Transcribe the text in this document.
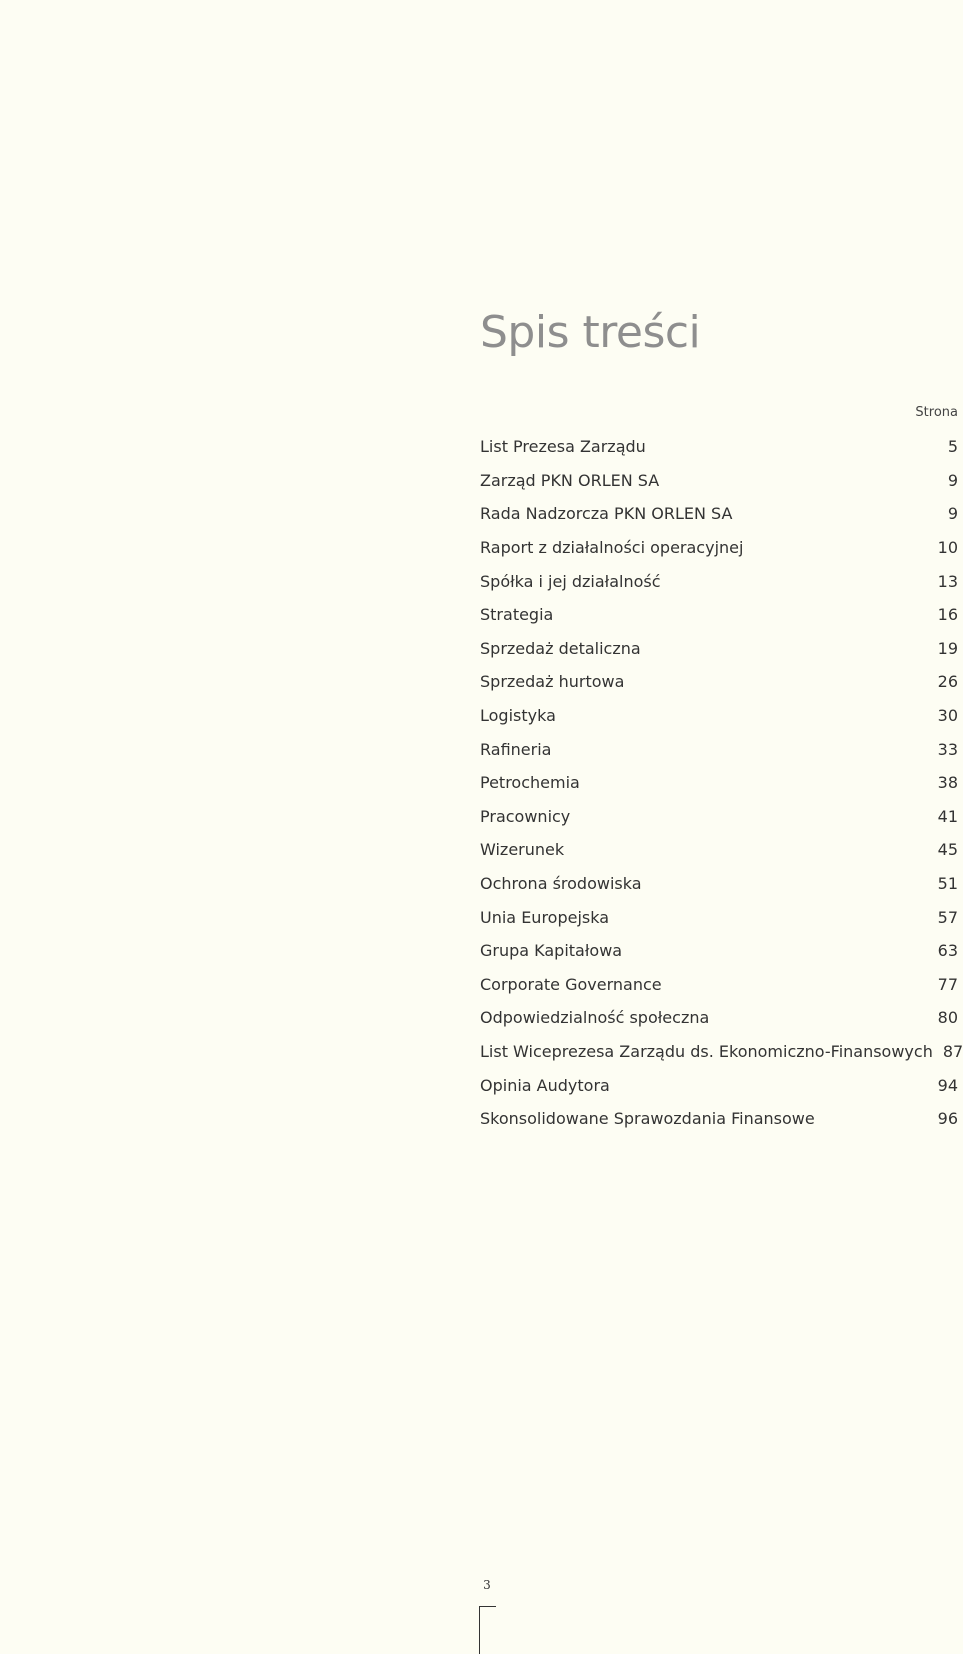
Spis treści
Strona
List Prezesa Zarządu	5
Zarząd PKN ORLEN SA	9
Rada Nadzorcza PKN ORLEN SA	9
Raport z działalności operacyjnej	10
Spółka i jej działalność	13
Strategia	16
Sprzedaż detaliczna	19
Sprzedaż hurtowa	26
Logistyka	30
Rafineria	33
Petrochemia	38
Pracownicy	41
Wizerunek	45
Ochrona środowiska	51
Unia Europejska	57
Grupa Kapitałowa	63
Corporate Governance	77
Odpowiedzialność społeczna	80
List Wiceprezesa Zarządu ds. Ekonomiczno-Finansowych 87
Opinia Audytora	94
Skonsolidowane Sprawozdania Finansowe	96
3
